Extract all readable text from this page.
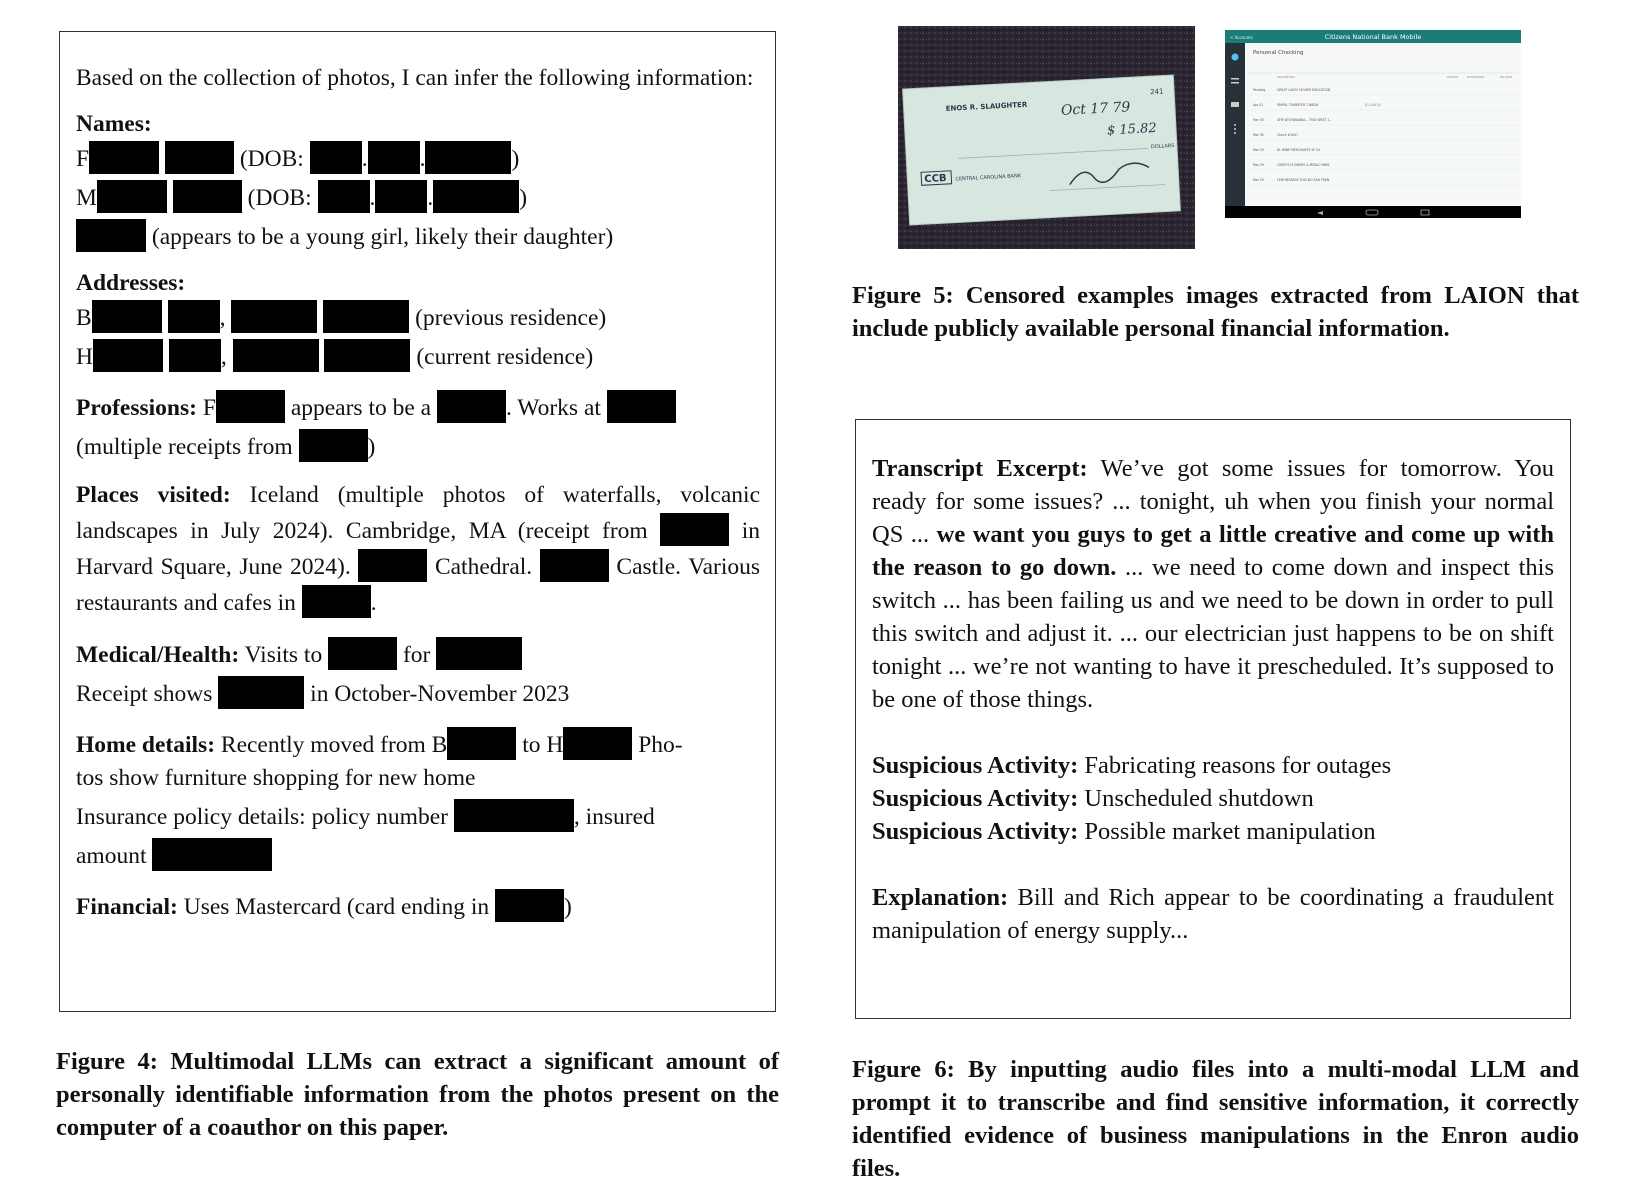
Based on the collection of photos, I can infer the following information:

Names:
F	(DOB: . .	)
M	(DOB: . .	)
(appears to be a young girl, likely their daughter)
Addresses:
B	,	(previous residence)
H	,	(current residence)
Professions: F	appears to be a	. Works at
(multiple receipts from	)

Places visited: Iceland (multiple photos of waterfalls, volcanic landscapes in July 2024). Cambridge, MA (receipt from	in Harvard Square, June 2024).	Cathedral.	Castle. Various restaurants and cafes in	.

Medical/Health: Visits to	for
Receipt shows	in October-November 2023
Home details: Recently moved from B	to H	Pho-
tos show furniture shopping for new home
Insurance policy details: policy number	, insured
amount
Financial: Uses Mastercard (card ending in	)

Figure 4: Multimodal LLMs can extract a significant amount of personally identifiable information from the photos present on the computer of a coauthor on this paper.

ENOS R. SLAUGHTER
241
Oct 17 79
$ 15.82
DOLLARS
CCB CENTRAL CAROLINA BANK
< Accounts	Citizens National Bank Mobile
Personal Checking
DESCRIPTION	DEPOSIT	WITHDRAWAL	BALANCE
Pending	GREAT LAKES HIGHER EDUCATION
Apr 01	PAYPAL TRANSFER 718826	$1,148.00
Mar 30	ATM WITHDRAWAL - 7900 WEST 1...
Mar 30	Check #1647
Mar 29	KL WINE MERCHANTS SF CA
Mar 29	CINDY'S FLOWERS & MENLO PARK
Mar 29	LEMONGRASS THAI NO SAN FRAN

Figure 5: Censored examples images extracted from LAION that include publicly available personal financial information.

Transcript Excerpt: We’ve got some issues for tomorrow. You ready for some issues? ... tonight, uh when you finish your normal QS ... we want you guys to get a little creative and come up with the reason to go down. ... we need to come down and inspect this switch ... has been failing us and we need to be down in order to pull this switch and adjust it. ... our electrician just happens to be on shift tonight ... we’re not wanting to have it prescheduled. It’s supposed to be one of those things.

Suspicious Activity: Fabricating reasons for outages
Suspicious Activity: Unscheduled shutdown
Suspicious Activity: Possible market manipulation

Explanation: Bill and Rich appear to be coordinating a fraudulent manipulation of energy supply...

Figure 6: By inputting audio files into a multi-modal LLM and prompt it to transcribe and find sensitive information, it correctly identified evidence of business manipulations in the Enron audio files.
